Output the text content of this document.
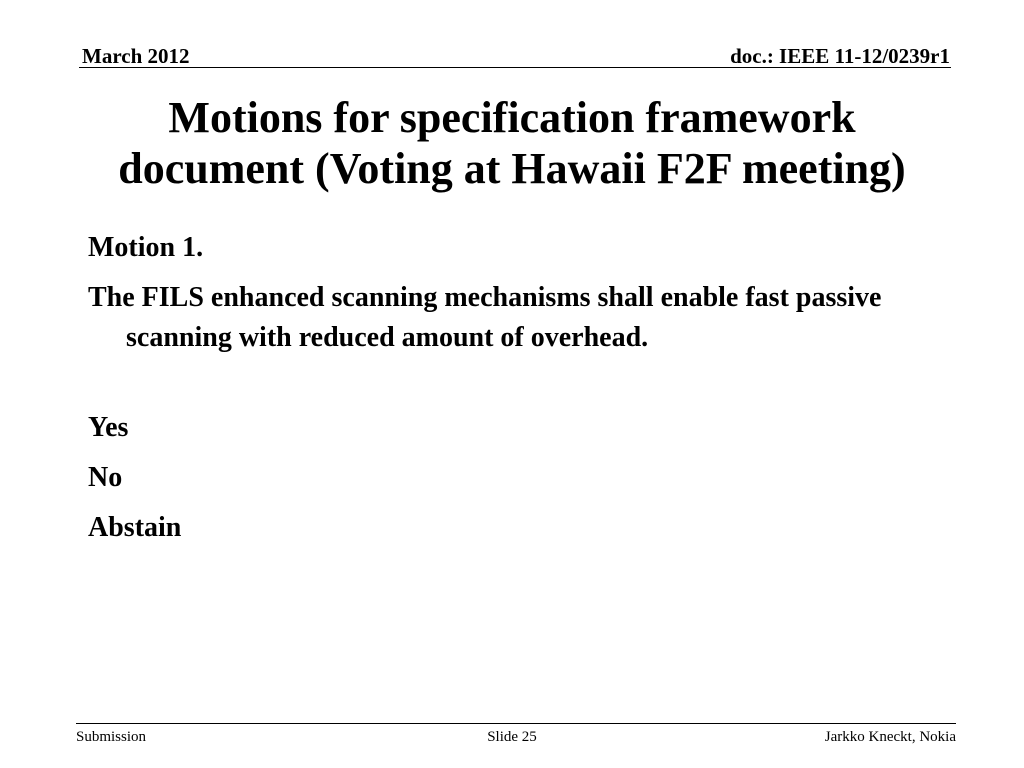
March 2012	doc.: IEEE 11-12/0239r1
Motions for specification framework
document (Voting at Hawaii F2F meeting)

Motion 1.

The FILS enhanced scanning mechanisms shall enable fast passive scanning with reduced amount of overhead.

Yes

No

Abstain

Submission	Slide 25	Jarkko Kneckt, Nokia
